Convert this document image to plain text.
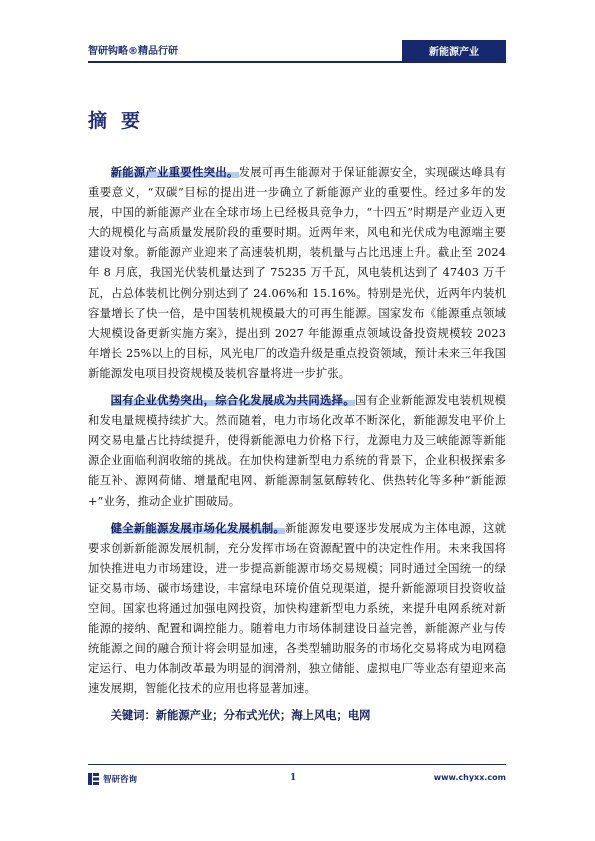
智研钩略®精品行研	新能源产业
摘要

新能源产业重要性突出。发展可再生能源对于保证能源安全，实现碳达峰具有重要意义，“双碳”目标的提出进一步确立了新能源产业的重要性。经过多年的发展，中国的新能源产业在全球市场上已经极具竞争力，“十四五”时期是产业迈入更大的规模化与高质量发展阶段的重要时期。近两年来，风电和光伏成为电源端主要建设对象。新能源产业迎来了高速装机期，装机量与占比迅速上升。截止至 2024 年 8 月底，我国光伏装机量达到了 75235 万千瓦，风电装机达到了 47403 万千瓦，占总体装机比例分别达到了 24.06%和 15.16%。特别是光伏，近两年内装机容量增长了快一倍，是中国装机规模最大的可再生能源。国家发布《能源重点领域大规模设备更新实施方案》，提出到 2027 年能源重点领域设备投资规模较 2023 年增长 25%以上的目标，风光电厂的改造升级是重点投资领域，预计未来三年我国新能源发电项目投资规模及装机容量将进一步扩张。

国有企业优势突出，综合化发展成为共同选择。国有企业新能源发电装机规模和发电量规模持续扩大。然而随着，电力市场化改革不断深化，新能源发电平价上网交易电量占比持续提升，使得新能源电力价格下行，龙源电力及三峡能源等新能源企业面临利润收缩的挑战。在加快构建新型电力系统的背景下，企业积极探索多能互补、源网荷储、增量配电网、新能源制氢氨醇转化、供热转化等多种“新能源+”业务，推动企业扩围破局。

健全新能源发展市场化发展机制。新能源发电要逐步发展成为主体电源，这就要求创新新能源发展机制，充分发挥市场在资源配置中的决定性作用。未来我国将加快推进电力市场建设，进一步提高新能源市场交易规模；同时通过全国统一的绿证交易市场、碳市场建设，丰富绿电环境价值兑现渠道，提升新能源项目投资收益空间。国家也将通过加强电网投资，加快构建新型电力系统，来提升电网系统对新能源的接纳、配置和调控能力。随着电力市场体制建设日益完善，新能源产业与传统能源之间的融合预计将会明显加速，各类型辅助服务的市场化交易将成为电网稳定运行、电力体制改革最为明显的润滑剂，独立储能、虚拟电厂等业态有望迎来高速发展期，智能化技术的应用也将显著加速。

关键词：新能源产业；分布式光伏；海上风电；电网

智研咨询	1	www.chyxx.com
